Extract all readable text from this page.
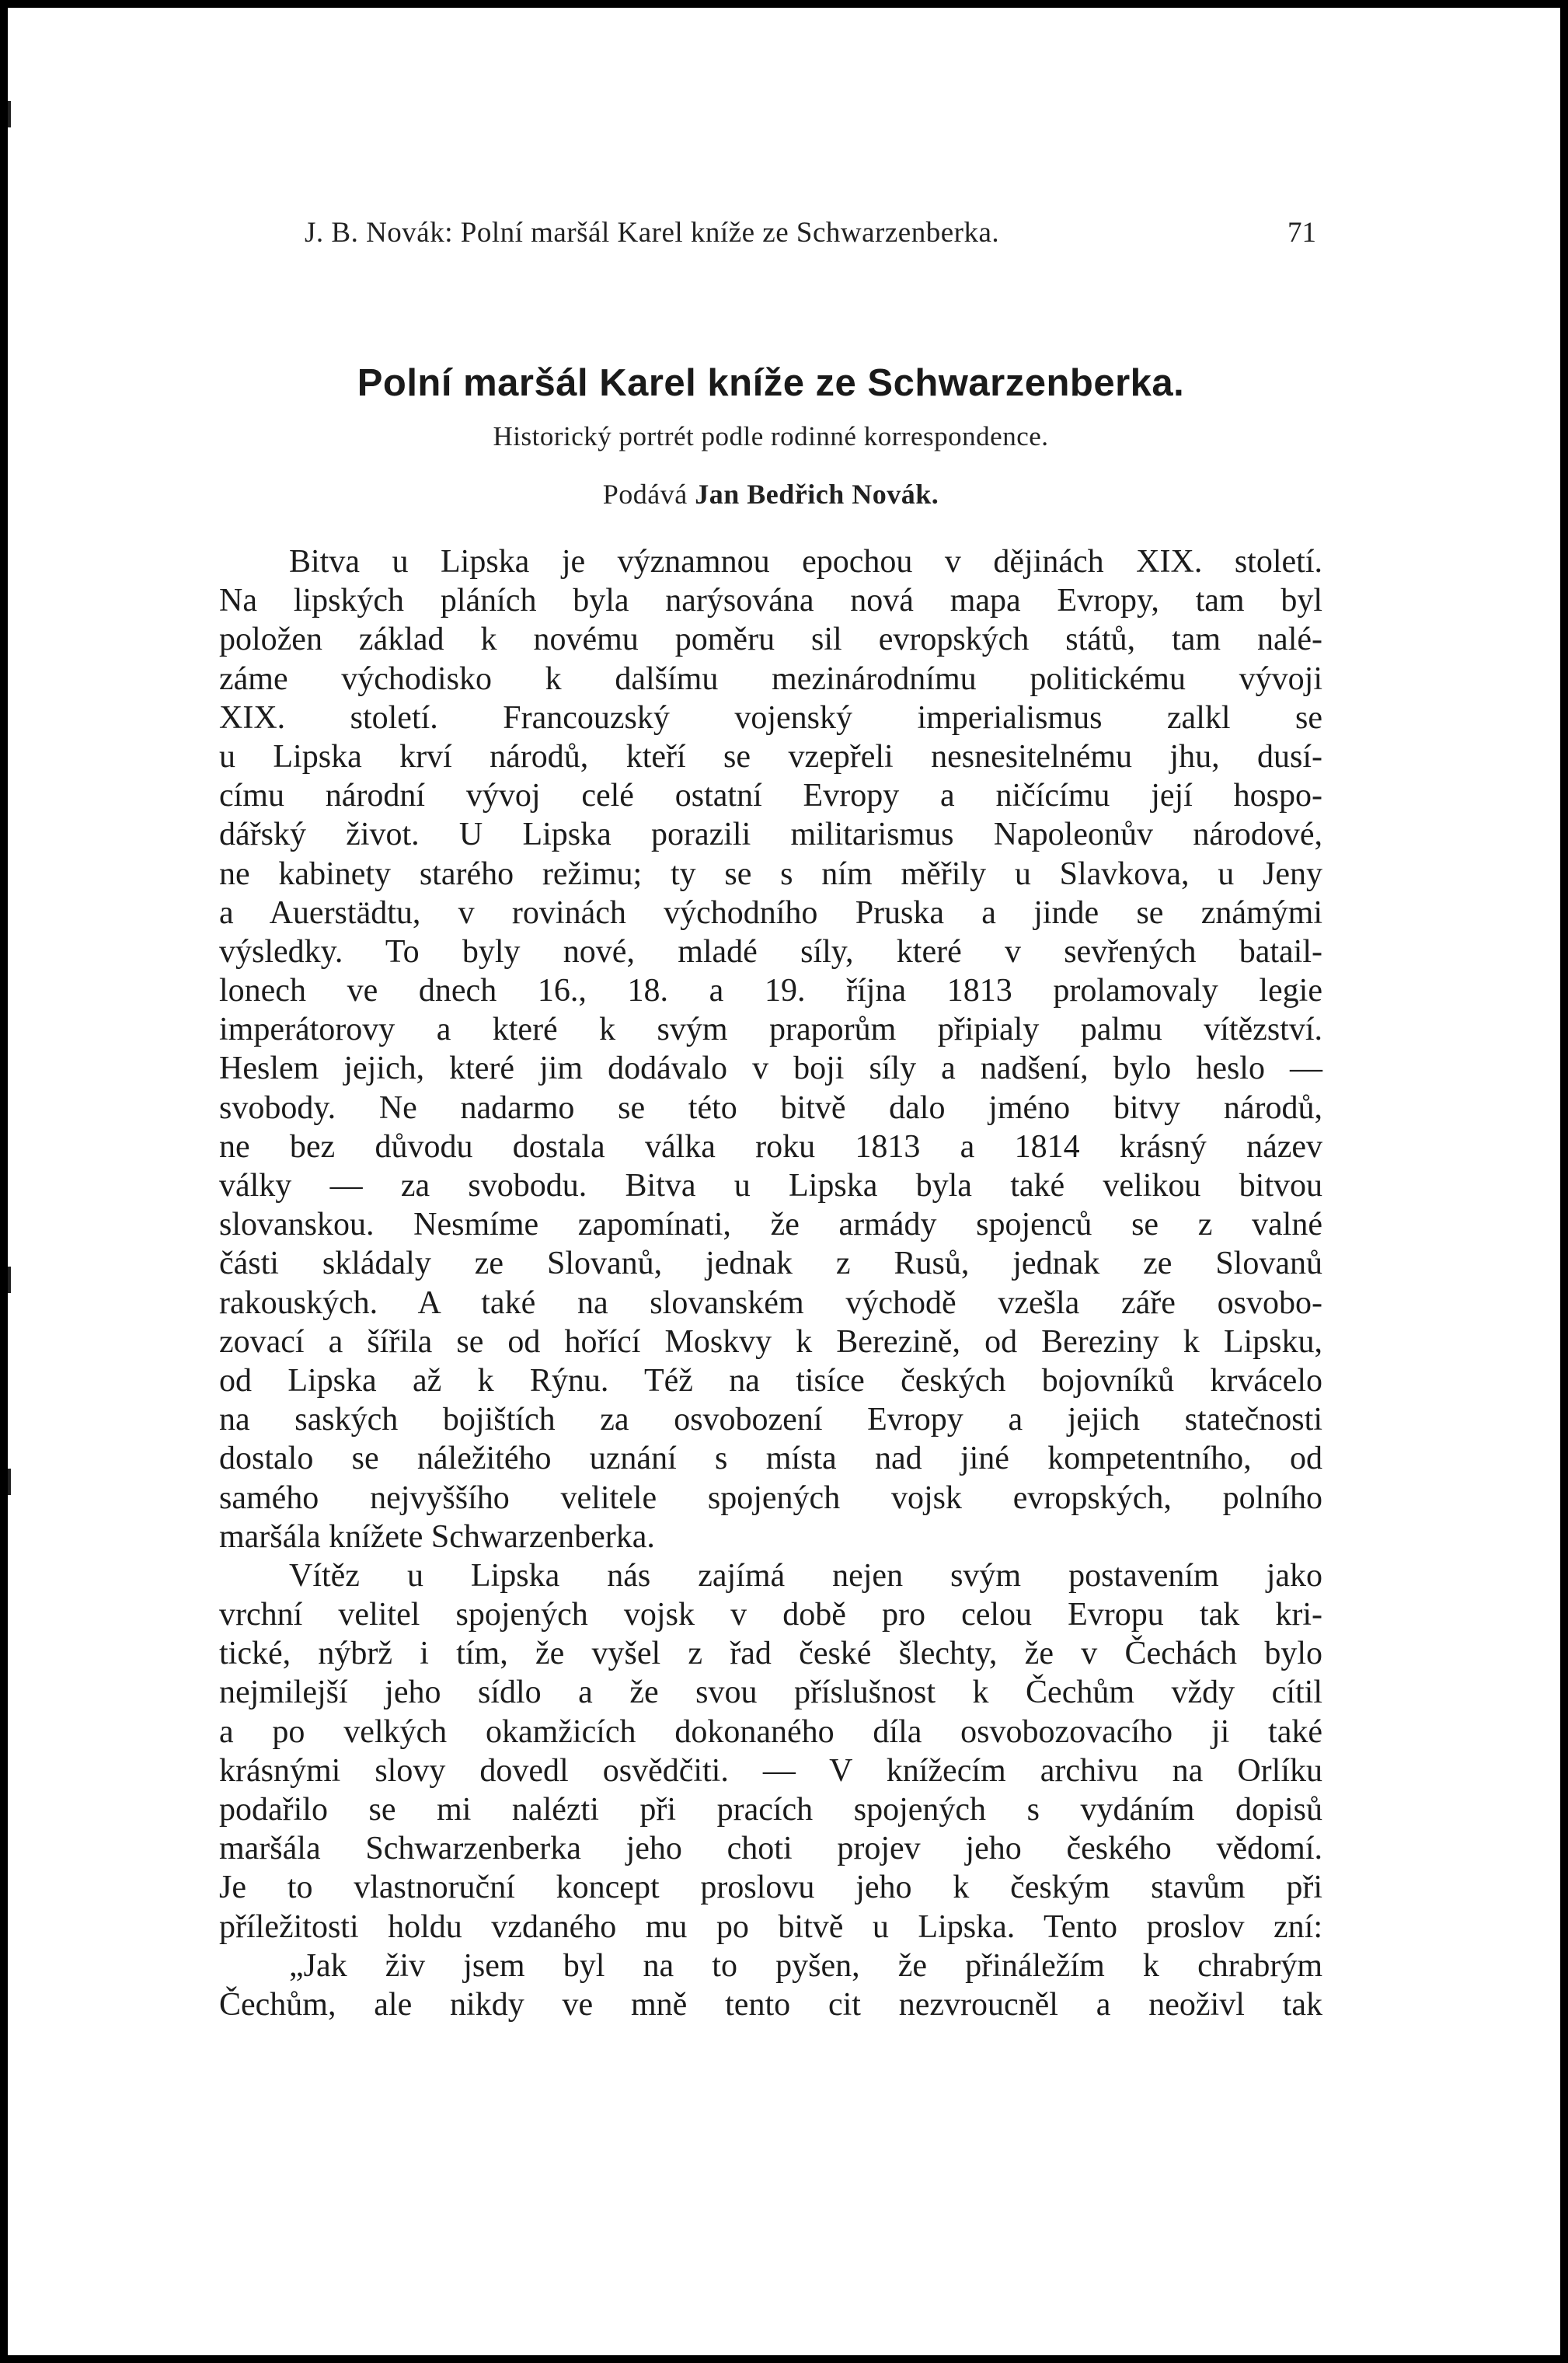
J. B. Novák: Polní maršál Karel kníže ze Schwarzenberka.	71
Polní maršál Karel kníže ze Schwarzenberka.
Historický portrét podle rodinné korrespondence.
Podává Jan Bedřich Novák.
Bitva u Lipska je významnou epochou v dějinách XIX. století.
Na lipských pláních byla narýsována nová mapa Evropy, tam byl
položen základ k novému poměru sil evropských států, tam nalé-
záme východisko k dalšímu mezinárodnímu politickému vývoji
XIX. století. Francouzský vojenský imperialismus zalkl se
u Lipska krví národů, kteří se vzepřeli nesnesitelnému jhu, dusí-
címu národní vývoj celé ostatní Evropy a ničícímu její hospo-
dářský život. U Lipska porazili militarismus Napoleonův národové,
ne kabinety starého režimu; ty se s ním měřily u Slavkova, u Jeny
a Auerstädtu, v rovinách východního Pruska a jinde se známými
výsledky. To byly nové, mladé síly, které v sevřených batail-
lonech ve dnech 16., 18. a 19. října 1813 prolamovaly legie
imperátorovy a které k svým praporům připialy palmu vítězství.
Heslem jejich, které jim dodávalo v boji síly a nadšení, bylo heslo —
svobody. Ne nadarmo se této bitvě dalo jméno bitvy národů,
ne bez důvodu dostala válka roku 1813 a 1814 krásný název
války — za svobodu. Bitva u Lipska byla také velikou bitvou
slovanskou. Nesmíme zapomínati, že armády spojenců se z valné
části skládaly ze Slovanů, jednak z Rusů, jednak ze Slovanů
rakouských. A také na slovanském východě vzešla záře osvobo-
zovací a šířila se od hořící Moskvy k Berezině, od Bereziny k Lipsku,
od Lipska až k Rýnu. Též na tisíce českých bojovníků krvácelo
na saských bojištích za osvobození Evropy a jejich statečnosti
dostalo se náležitého uznání s místa nad jiné kompetentního, od
samého nejvyššího velitele spojených vojsk evropských, polního
maršála knížete Schwarzenberka.
Vítěz u Lipska nás zajímá nejen svým postavením jako
vrchní velitel spojených vojsk v době pro celou Evropu tak kri-
tické, nýbrž i tím, že vyšel z řad české šlechty, že v Čechách bylo
nejmilejší jeho sídlo a že svou příslušnost k Čechům vždy cítil
a po velkých okamžicích dokonaného díla osvobozovacího ji také
krásnými slovy dovedl osvědčiti. — V knížecím archivu na Orlíku
podařilo se mi nalézti při pracích spojených s vydáním dopisů
maršála Schwarzenberka jeho choti projev jeho českého vědomí.
Je to vlastnoruční koncept proslovu jeho k českým stavům při
příležitosti holdu vzdaného mu po bitvě u Lipska. Tento proslov zní:
„Jak živ jsem byl na to pyšen, že přináležím k chrabrým
Čechům, ale nikdy ve mně tento cit nezvroucněl a neoživl tak
